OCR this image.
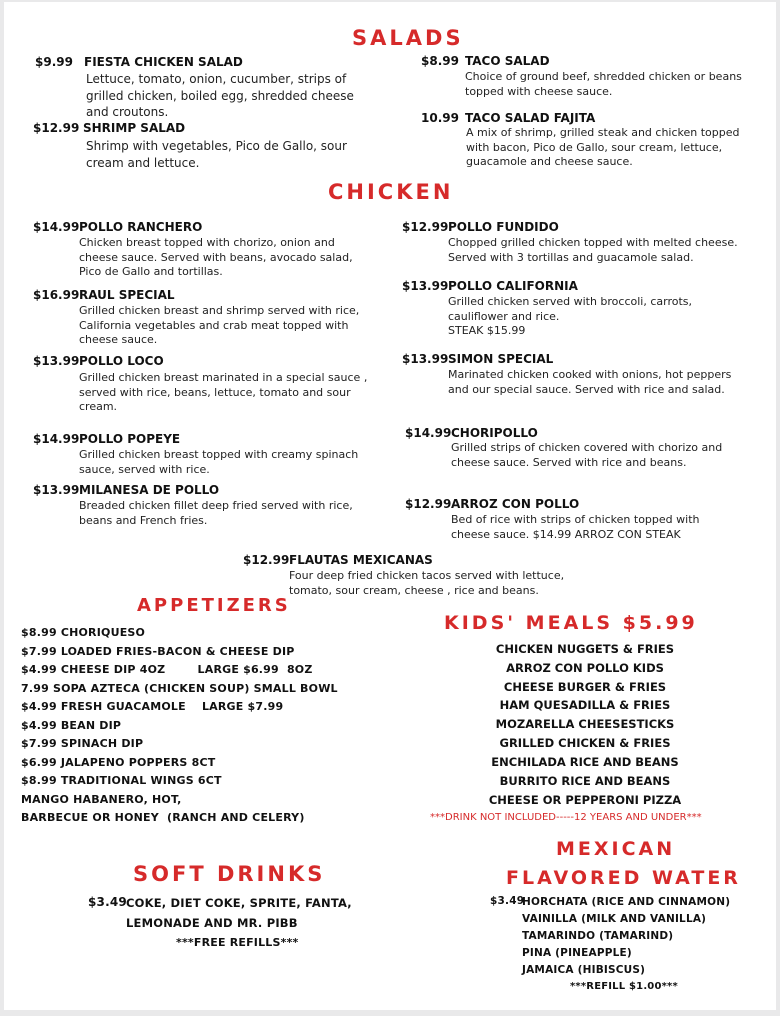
SALADS
$9.99 FIESTA CHICKEN SALAD
Lettuce, tomato, onion, cucumber, strips of grilled chicken, boiled egg, shredded cheese and croutons.
$12.99 SHRIMP SALAD
Shrimp with vegetables, Pico de Gallo, sour cream and lettuce.
$8.99 TACO SALAD
Choice of ground beef, shredded chicken or beans topped with cheese sauce.
10.99 TACO SALAD FAJITA
A mix of shrimp, grilled steak and chicken topped with bacon, Pico de Gallo, sour cream, lettuce, guacamole and cheese sauce.
CHICKEN
$14.99 POLLO RANCHERO
Chicken breast topped with chorizo, onion and cheese sauce. Served with beans, avocado salad, Pico de Gallo and tortillas.
$16.99 RAUL SPECIAL
Grilled chicken breast and shrimp served with rice, California vegetables and crab meat topped with cheese sauce.
$13.99 POLLO LOCO
Grilled chicken breast marinated in a special sauce , served with rice, beans, lettuce, tomato and sour cream.
$14.99 POLLO POPEYE
Grilled chicken breast topped with creamy spinach sauce, served with rice.
$13.99 MILANESA DE POLLO
Breaded chicken fillet deep fried served with rice, beans and French fries.
$12.99 POLLO FUNDIDO
Chopped grilled chicken topped with melted cheese. Served with 3 tortillas and guacamole salad.
$13.99 POLLO CALIFORNIA
Grilled chicken served with broccoli, carrots, cauliflower and rice.
STEAK $15.99
$13.99 SIMON SPECIAL
Marinated chicken cooked with onions, hot peppers and our special sauce. Served with rice and salad.
$14.99 CHORIPOLLO
Grilled strips of chicken covered with chorizo and cheese sauce. Served with rice and beans.
$12.99 ARROZ CON POLLO
Bed of rice with strips of chicken topped with cheese sauce. $14.99 ARROZ CON STEAK
$12.99 FLAUTAS MEXICANAS
Four deep fried chicken tacos served with lettuce, tomato, sour cream, cheese , rice and beans.
APPETIZERS
$8.99 CHORIQUESO
$7.99 LOADED FRIES-BACON & CHEESE DIP
$4.99 CHEESE DIP 4OZ        LARGE $6.99  8OZ
7.99 SOPA AZTECA (CHICKEN SOUP) SMALL BOWL
$4.99 FRESH GUACAMOLE    LARGE $7.99
$4.99 BEAN DIP
$7.99 SPINACH DIP
$6.99 JALAPENO POPPERS 8CT
$8.99 TRADITIONAL WINGS 6CT
MANGO HABANERO, HOT,
BARBECUE OR HONEY  (RANCH AND CELERY)
KIDS' MEALS $5.99
CHICKEN NUGGETS & FRIES
ARROZ CON POLLO KIDS
CHEESE BURGER & FRIES
HAM QUESADILLA & FRIES
MOZARELLA CHEESESTICKS
GRILLED CHICKEN & FRIES
ENCHILADA RICE AND BEANS
BURRITO RICE AND BEANS
CHEESE OR PEPPERONI PIZZA
***DRINK NOT INCLUDED-----12 YEARS AND UNDER***
SOFT DRINKS
$3.49 COKE, DIET COKE, SPRITE, FANTA,
LEMONADE AND MR. PIBB
***FREE REFILLS***
MEXICAN
FLAVORED WATER
$3.49
HORCHATA (RICE AND CINNAMON)
VAINILLA (MILK AND VANILLA)
TAMARINDO (TAMARIND)
PINA (PINEAPPLE)
JAMAICA (HIBISCUS)
***REFILL $1.00***
